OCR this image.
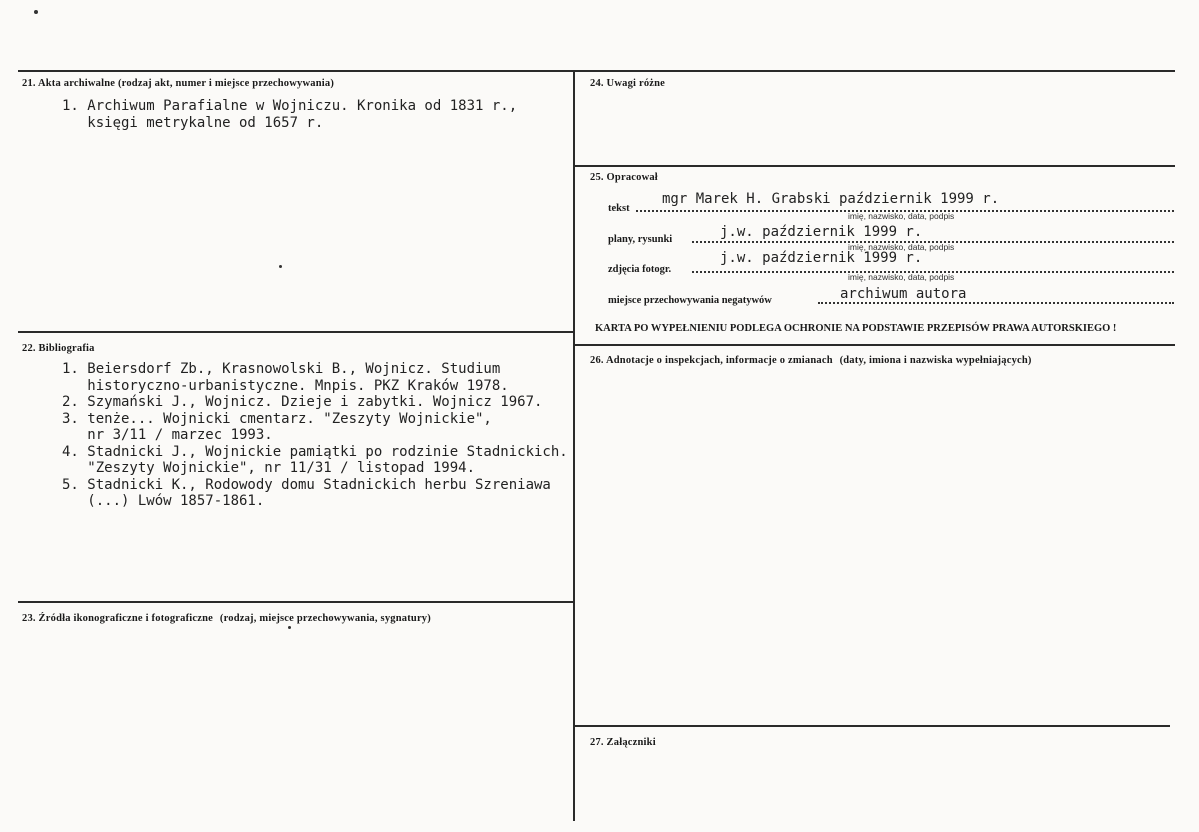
21. Akta archiwalne (rodzaj akt, numer i miejsce przechowywania)
1. Archiwum Parafialne w Wojniczu. Kronika od 1831 r.,
księgi metrykalne od 1657 r.
22. Bibliografia
1. Beiersdorf Zb., Krasnowolski B., Wojnicz. Studium
historyczno-urbanistyczne. Mnpis. PKZ Kraków 1978.
2. Szymański J., Wojnicz. Dzieje i zabytki. Wojnicz 1967.
3. tenże... Wojnicki cmentarz. "Zeszyty Wojnickie",
nr 3/11 / marzec 1993.
4. Stadnicki J., Wojnickie pamiątki po rodzinie Stadnickich.
"Zeszyty Wojnickie", nr 11/31 / listopad 1994.
5. Stadnicki K., Rodowody domu Stadnickich herbu Szreniawa
(...) Lwów 1857-1861.
23. Źródła ikonograficzne i fotograficzne (rodzaj, miejsce przechowywania, sygnatury)
24. Uwagi różne
25. Opracował
tekst
mgr Marek H. Grabski październik 1999 r.
imię, nazwisko, data, podpis
plany, rysunki	j.w. październik 1999 r.
imię, nazwisko, data, podpis
zdjęcia fotogr.
j.w. październik 1999 r.
imię, nazwisko, data, podpis
miejsce przechowywania negatywów	archiwum autora
KARTA PO WYPEŁNIENIU PODLEGA OCHRONIE NA PODSTAWIE PRZEPISÓW PRAWA AUTORSKIEGO !
26. Adnotacje o inspekcjach, informacje o zmianach (daty, imiona i nazwiska wypełniających)
27. Załączniki
